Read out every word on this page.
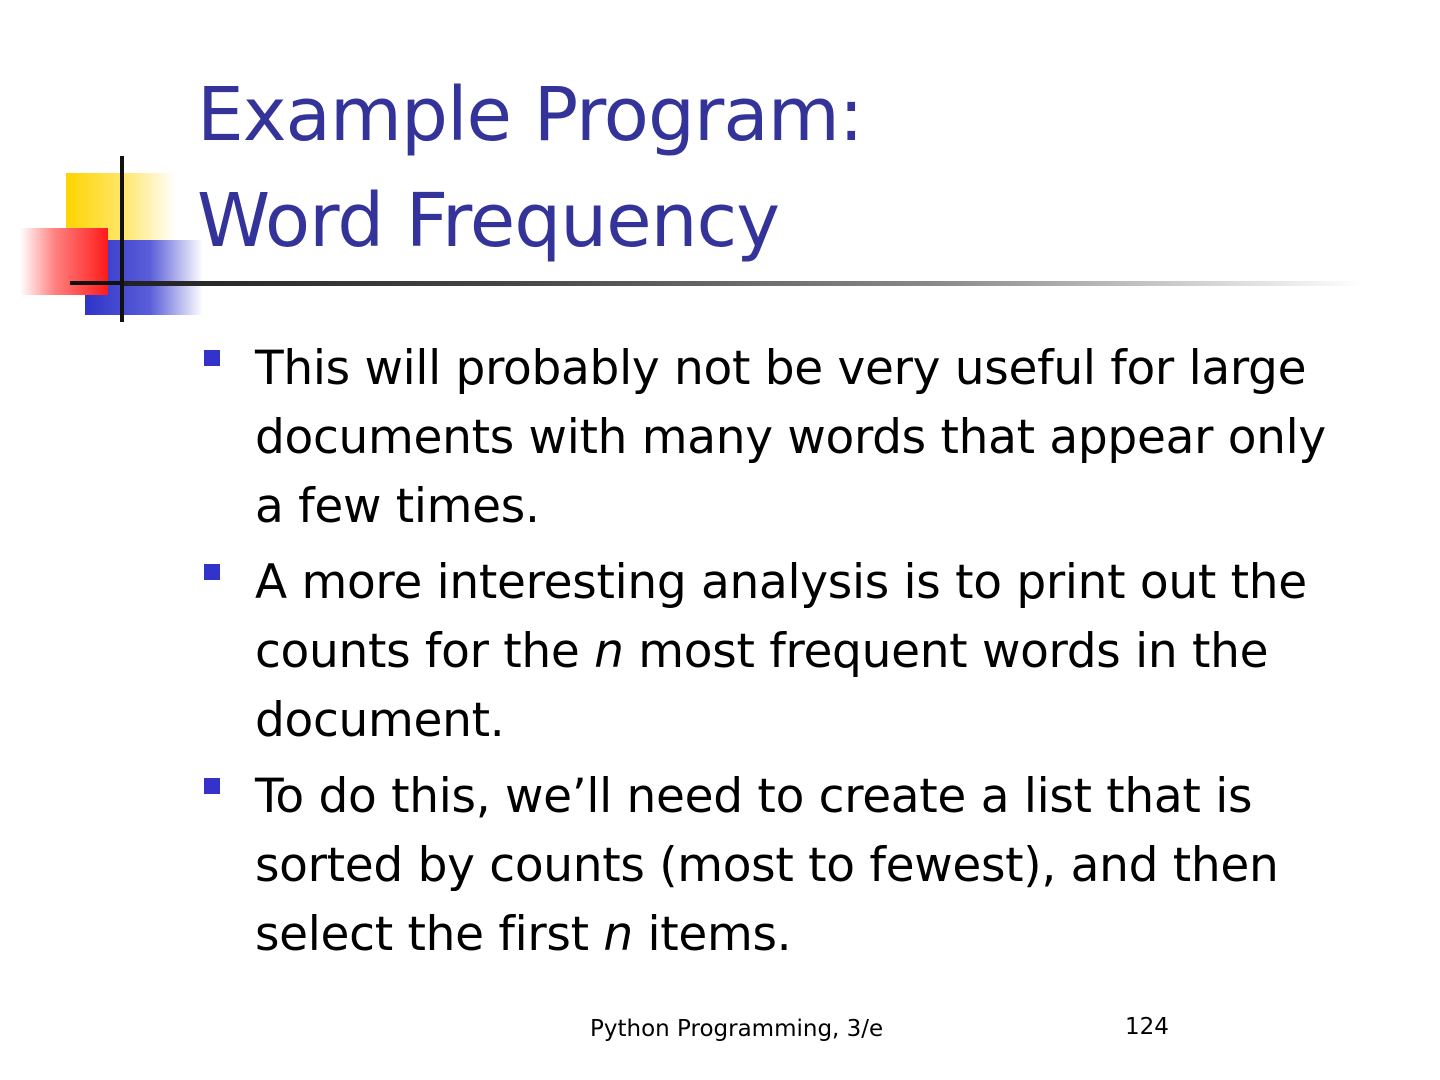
Example Program:
Word Frequency
This will probably not be very useful for large
documents with many words that appear only
a few times.
A more interesting analysis is to print out the
counts for the n most frequent words in the
document.
To do this, we’ll need to create a list that is
sorted by counts (most to fewest), and then
select the first n items.
Python Programming, 3/e	124
